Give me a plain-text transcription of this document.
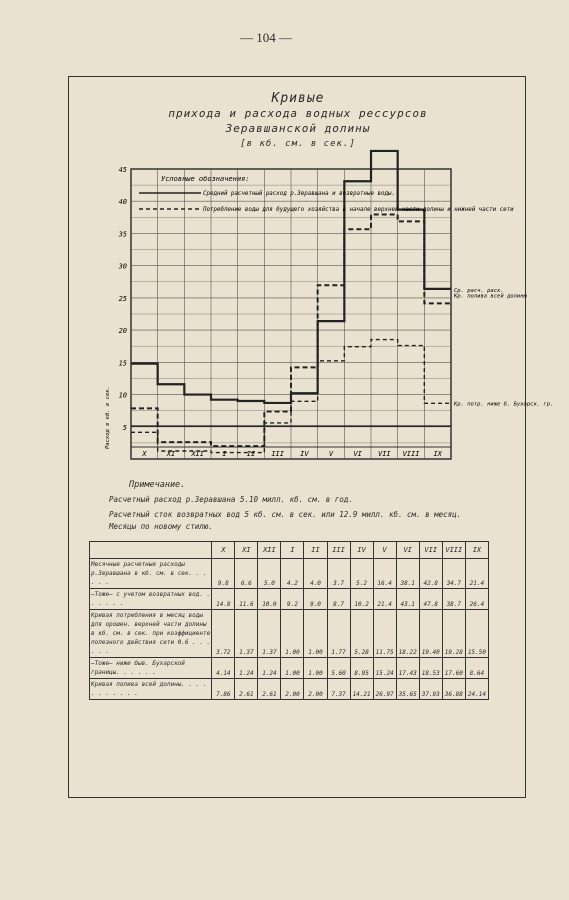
— 104 —
Кривые
прихода и расхода водных рессурсов
Зеравшанской долины
[в кб. см. в сек.]
5
10
15
20
25
30
35
40
45
X	XI XII	I	II III IV	V	VI VII VIII IX
Расход в кб. в сек.
Условные обозначения:
Средний расчетный расход р.Зеравшана и возвратные воды.
Потребление воды для будущего хозяйства в начале верхней части долины и нижней части сети
Ср. расч. расх.
Кр. полива всей долины
Кр. потр. ниже б. Бухарск. гр.
Примечание.
Расчетный расход р.Зеравшана 5.10 милл. кб. см. в год.
Расчетный сток возвратных вод 5 кб. см. в сек. или 12.9 милл. кб. см. в месяц.
Месяцы по новому стилю.
	X	XI	XII	I	II	III	IV	V	VI	VII	VIII	IX
Месячные расчетные расходы р.Зеравшана в кб. см. в сек. . . . . .	9.8	6.6	5.0	4.2	4.0	3.7	5.2	16.4	38.1	42.8	34.7	21.4
—Тоже— с учетом возвратных вод. . . . . . .	14.8	11.6	10.0	9.2	9.0	8.7	10.2	21.4	43.1	47.8	38.7	26.4
Кривая потребления в месяц воды для орошен. верхней части долины в кб. см. в сек. при коэффициенте полезного действия сети 0.6 . . . . . .	3.72	1.37	1.37	1.00	1.00	1.77	5.28	11.75	18.22	19.40	19.28	15.50
—Тоже— ниже быв. Бухарской границы. . . . . .	4.14	1.24	1.24	1.00	1.00	5.60	8.95	15.24	17.43	18.53	17.60	8.64
Кривая полива всей долины. . . . . . . . . . .	7.86	2.61	2.61	2.00	2.00	7.37	14.21	26.97	35.65	37.93	36.88	24.14
